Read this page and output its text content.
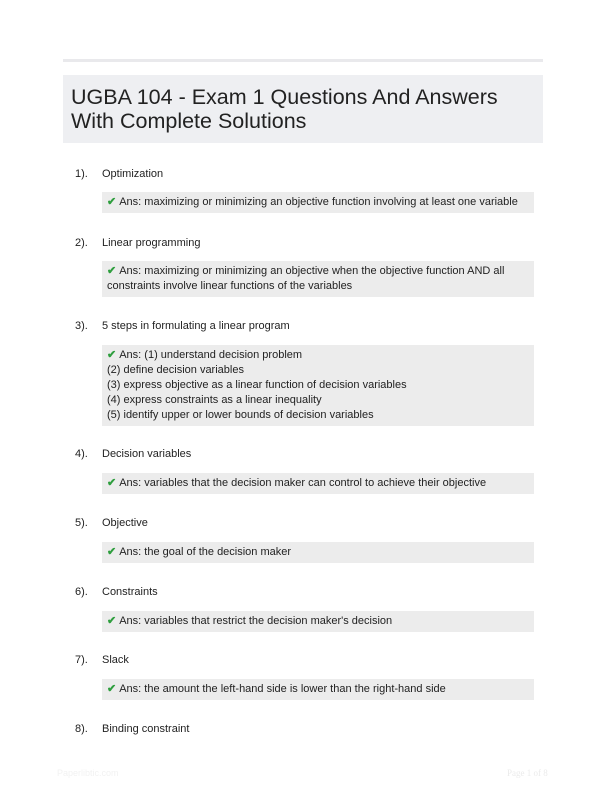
UGBA 104 - Exam 1 Questions And Answers
With Complete Solutions
1). Optimization
✔ Ans: maximizing or minimizing an objective function involving at least one variable
2). Linear programming
✔ Ans: maximizing or minimizing an objective when the objective function AND all
constraints involve linear functions of the variables
3). 5 steps in formulating a linear program
✔ Ans: (1) understand decision problem
(2) define decision variables
(3) express objective as a linear function of decision variables
(4) express constraints as a linear inequality
(5) identify upper or lower bounds of decision variables
4). Decision variables
✔ Ans: variables that the decision maker can control to achieve their objective
5). Objective
✔ Ans: the goal of the decision maker
6). Constraints
✔ Ans: variables that restrict the decision maker's decision
7). Slack
✔ Ans: the amount the left-hand side is lower than the right-hand side
8). Binding constraint
Paperlibtic.com	Page 1 of 8
